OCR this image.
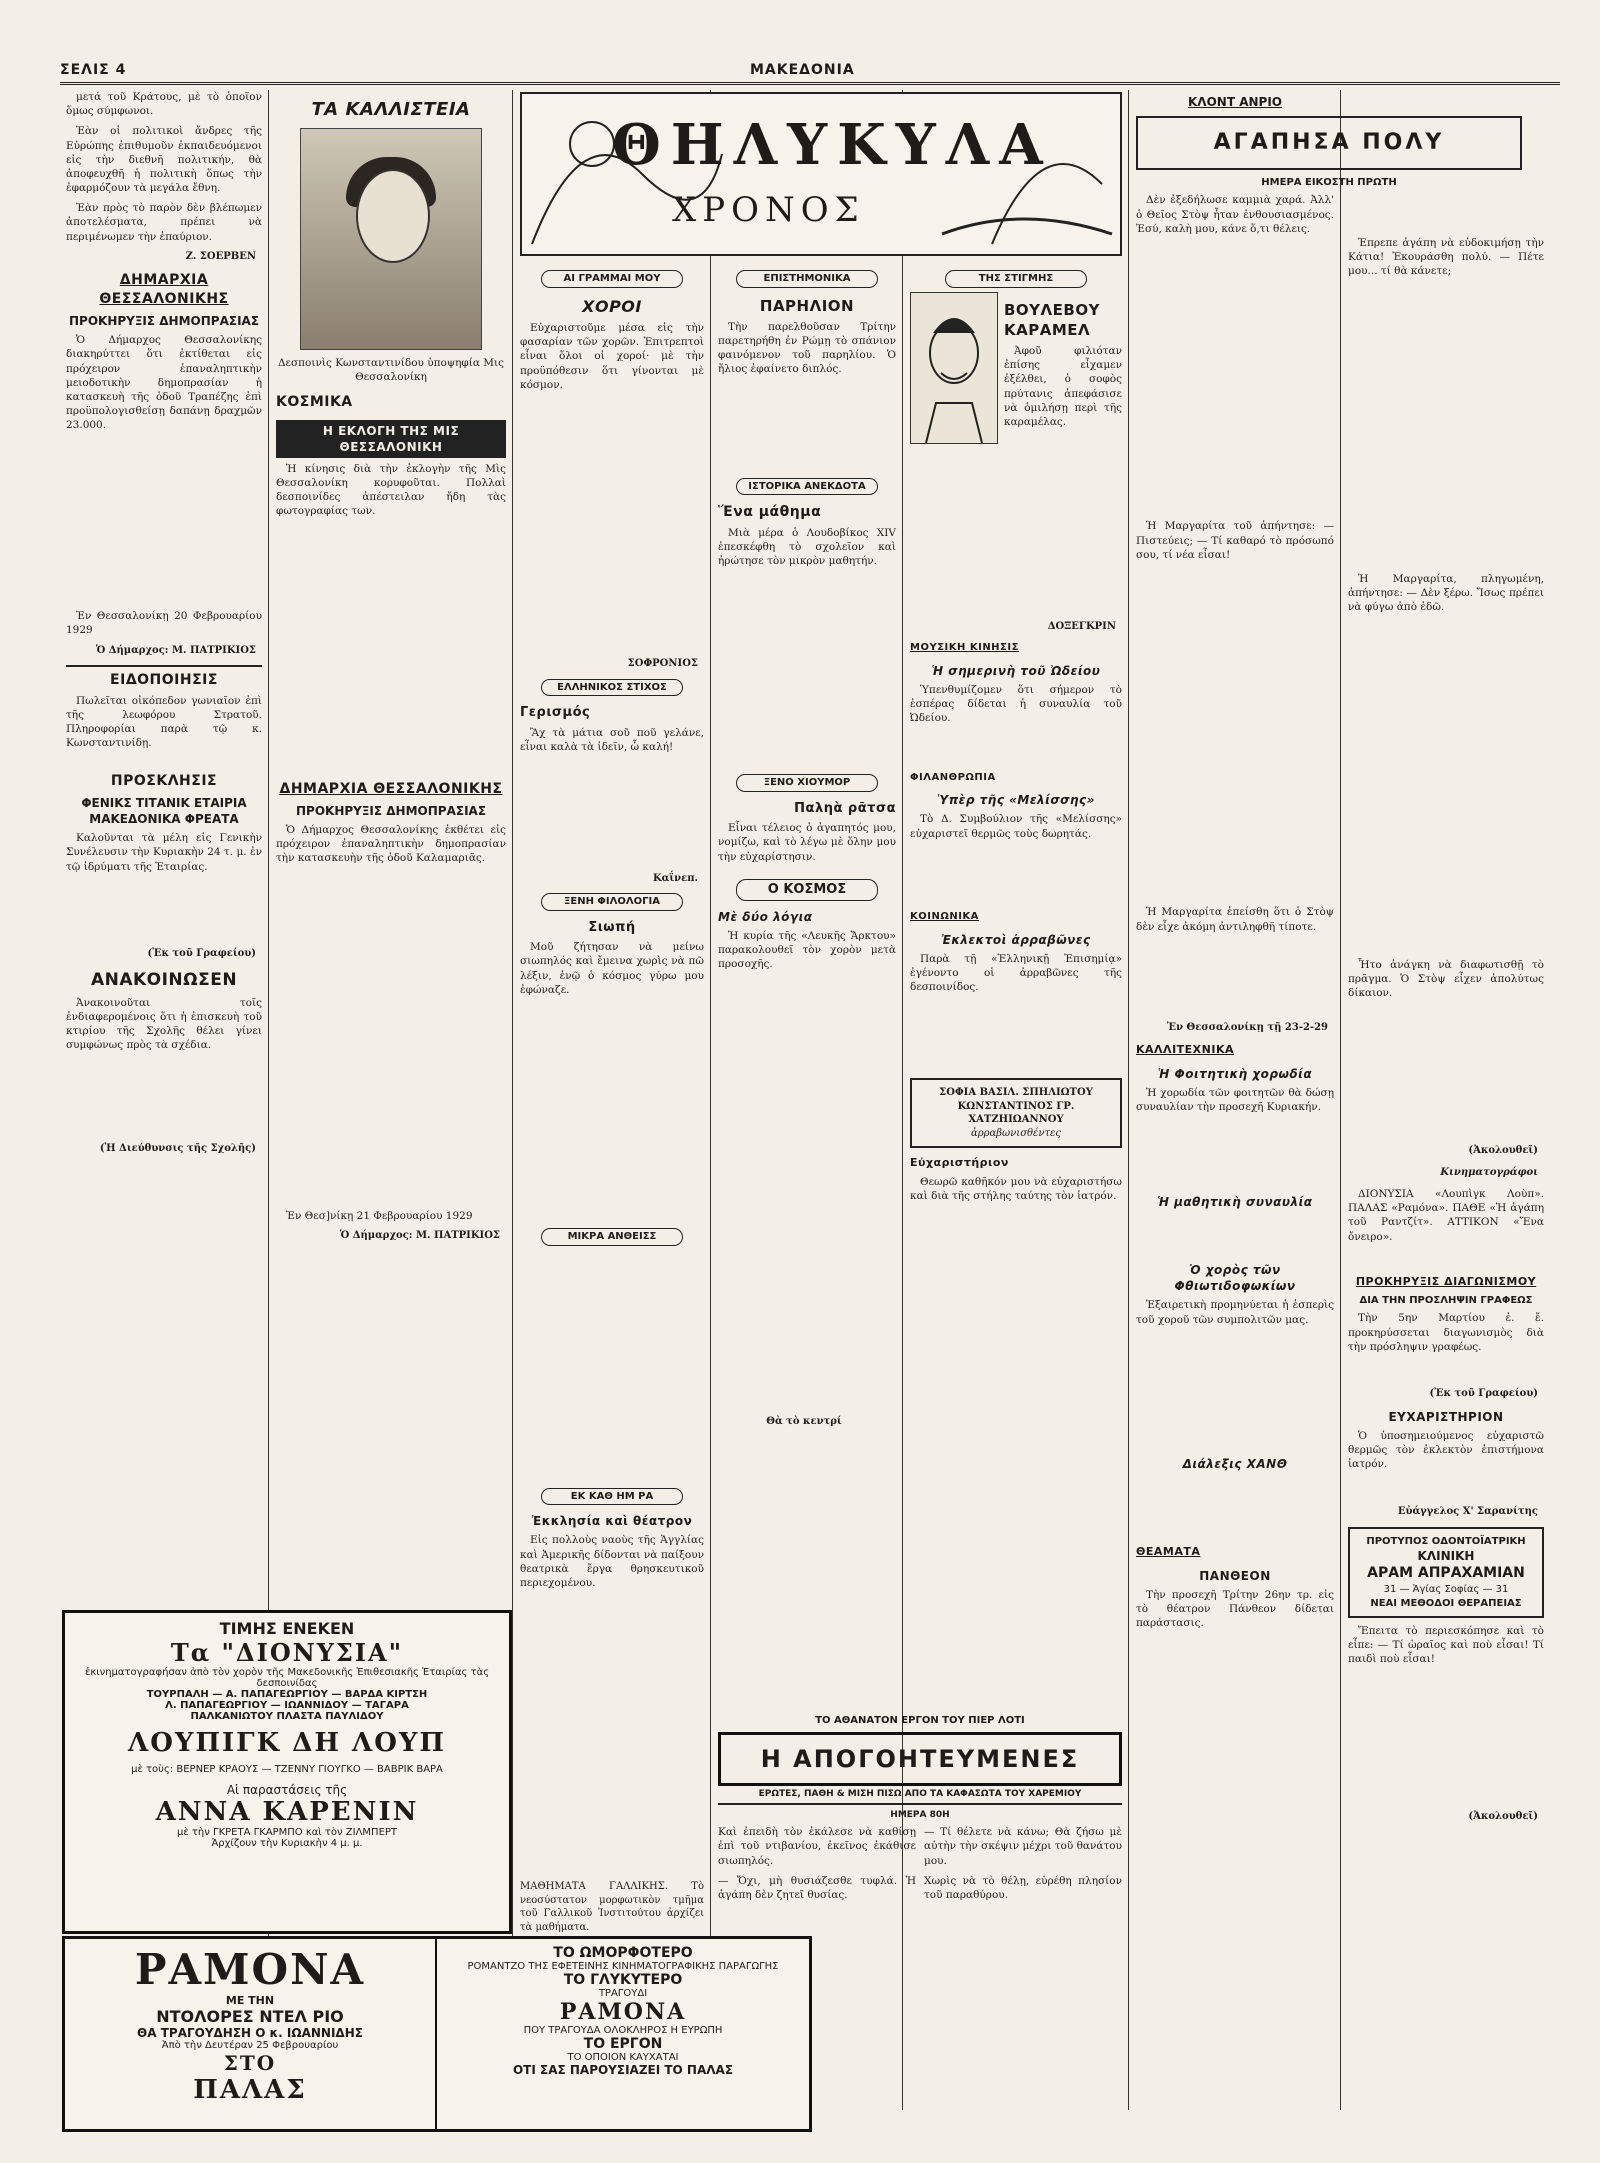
ΣΕΛΙΣ 4	ΜΑΚΕΔΟΝΙΑ

μετά τοῦ Κράτους, μὲ τὸ ὁποῖον ὅμως σύμφωνοι.

Ἐὰν οἱ πολιτικοὶ ἄνδρες τῆς Εὐρώπης ἐπιθυμοῦν ἐκπαιδευόμενοι εἰς τὴν διεθνῆ πολιτικήν, θὰ ἀποφευχθῆ ἡ πολιτικὴ ὅπως τὴν ἐφαρμόζουν τὰ μεγάλα ἔθνη.

Ἐὰν πρὸς τὸ παρὸν δὲν βλέπωμεν ἀποτελέσματα, πρέπει νὰ περιμένωμεν τὴν ἐπαύριον.

Ζ. ΣΟΕΡΒΕΝ
ΔΗΜΑΡΧΙΑ ΘΕΣΣΑΛΟΝΙΚΗΣ
ΠΡΟΚΗΡΥΞΙΣ ΔΗΜΟΠΡΑΣΙΑΣ

Ὁ Δήμαρχος Θεσσαλονίκης διακηρύττει ὅτι ἐκτίθεται εἰς πρόχειρον ἐπαναληπτικὴν μειοδοτικὴν δημοπρασίαν ἡ κατασκευὴ τῆς ὁδοῦ Τραπέζης ἐπὶ προϋπολογισθείσῃ δαπάνῃ δραχμῶν 23.000.

Ἐν Θεσσαλονίκῃ 20 Φεβρουαρίου 1929

Ὁ Δήμαρχος: Μ. ΠΑΤΡΙΚΙΟΣ
ΕΙΔΟΠΟΙΗΣΙΣ

Πωλεῖται οἰκόπεδον γωνιαῖον ἐπὶ τῆς λεωφόρου Στρατοῦ. Πληροφορίαι παρὰ τῷ κ. Κωνσταντινίδῃ.

ΠΡΟΣΚΛΗΣΙΣ
ΦΕΝΙΚΣ ΤΙΤΑΝΙΚ ΕΤΑΙΡΙΑ ΜΑΚΕΔΟΝΙΚΑ ΦΡΕΑΤΑ

Καλοῦνται τὰ μέλη εἰς Γενικὴν Συνέλευσιν τὴν Κυριακὴν 24 τ. μ. ἐν τῷ ἱδρύματι τῆς Ἑταιρίας.

(Ἐκ τοῦ Γραφείου)
ΑΝΑΚΟΙΝΩΣΕΝ

Ἀνακοινοῦται τοῖς ἐνδιαφερομένοις ὅτι ἡ ἐπισκευὴ τοῦ κτιρίου τῆς Σχολῆς θέλει γίνει συμφώνως πρὸς τὰ σχέδια.

(Ἡ Διεύθυνσις τῆς Σχολῆς)
ΤΑ ΚΑΛΛΙΣΤΕΙΑ

Δεσποινὶς Κωνσταντινίδου ὑποψηφία Μις Θεσσαλονίκη

ΚΟΣΜΙΚΑ
Η ΕΚΛΟΓΗ ΤΗΣ ΜΙΣ ΘΕΣΣΑΛΟΝΙΚΗ

Ἡ κίνησις διὰ τὴν ἐκλογὴν τῆς Μὶς Θεσσαλονίκη κορυφοῦται. Πολλαὶ δεσποινίδες ἀπέστειλαν ἤδη τὰς φωτογραφίας των.

ΔΗΜΑΡΧΙΑ ΘΕΣΣΑΛΟΝΙΚΗΣ
ΠΡΟΚΗΡΥΞΙΣ ΔΗΜΟΠΡΑΣΙΑΣ

Ὁ Δήμαρχος Θεσσαλονίκης ἐκθέτει εἰς πρόχειρον ἐπαναληπτικὴν δημοπρασίαν τὴν κατασκευὴν τῆς ὁδοῦ Καλαμαριᾶς.

Ἐν Θεσ]νίκῃ 21 Φεβρουαρίου 1929

Ὁ Δήμαρχος: Μ. ΠΑΤΡΙΚΙΟΣ
ΘΗΛΥΚΥΛΑ
ΧΡΟΝΟΣ
ΑΙ ΓΡΑΜΜΑΙ ΜΟΥ
ΧΟΡΟΙ

Εὐχαριστοῦμε μέσα εἰς τὴν φασαρίαν τῶν χορῶν. Ἐπιτρεπτοὶ εἶναι ὅλοι οἱ χοροί· μὲ τὴν προϋπόθεσιν ὅτι γίνονται μὲ κόσμον.

ΣΟΦΡΟΝΙΟΣ
ΕΛΛΗΝΙΚΟΣ ΣΤΙΧΟΣ
Γερισμός

Ἂχ τὰ μάτια σοῦ ποῦ γελάνε, εἶναι καλὰ τὰ ἰδεῖν, ὦ καλή!

Καΐνεπ.
ΞΕΝΗ ΦΙΛΟΛΟΓΙΑ
Σιωπή

Μοῦ ζήτησαν νὰ μείνω σιωπηλός καὶ ἔμεινα χωρὶς νὰ πῶ λέξιν, ἐνῷ ὁ κόσμος γύρω μου ἐφώναζε.

ΜΙΚΡΑ ΑΝΘΕΙΣΣ
ΕΚ ΚΑΘ ΗΜ ΡΑ
Ἐκκλησία καὶ θέατρον

Εἰς πολλοὺς ναοὺς τῆς Ἁγγλίας καὶ Ἀμερικῆς δίδονται νὰ παίξουν θεατρικὰ ἔργα θρησκευτικοῦ περιεχομένου.

ΕΠΙΣΤΗΜΟΝΙΚΑ
ΠΑΡΗΛΙΟΝ

Τὴν παρελθοῦσαν Τρίτην παρετηρήθη ἐν Ρώμῃ τὸ σπάνιον φαινόμενον τοῦ παρηλίου. Ὁ ἥλιος ἐφαίνετο διπλός.

ΙΣΤΟΡΙΚΑ ΑΝΕΚΔΟΤΑ
Ἕνα μάθημα

Μιὰ μέρα ὁ Λουδοβίκος ΧΙV ἐπεσκέφθη τὸ σχολεῖον καὶ ἠρώτησε τὸν μικρὸν μαθητήν.

ΞΕΝΟ ΧΙΟΥΜΟΡ
Παληὰ ρᾶτσα

Εἶναι τέλειος ὁ ἀγαπητός μου, νομίζω, καὶ τὸ λέγω μὲ ὅλην μου τὴν εὐχαρίστησιν.

Ο ΚΟΣΜΟΣ
Μὲ δύο λόγια

Ἡ κυρία τῆς «Λευκῆς Ἄρκτου» παρακολουθεῖ τὸν χορὸν μετὰ προσοχῆς.

Θὰ τὸ κεντρί
ΤΗΣ ΣΤΙΓΜΗΣ
ΒΟΥΛΕΒΟΥ ΚΑΡΑΜΕΛ

Ἀφοῦ φιλιόταν ἐπίσης εἶχαμεν ἐξέλθει, ὁ σοφὸς πρύτανις ἀπεφάσισε νὰ ὁμιλήσῃ περὶ τῆς καραμέλας.

ΔΟΞΕΓΚΡΙΝ
ΜΟΥΣΙΚΗ ΚΙΝΗΣΙΣ
Ἡ σημερινὴ τοῦ Ὠδείου

Ὑπενθυμίζομεν ὅτι σήμερον τὸ ἑσπέρας δίδεται ἡ συναυλία τοῦ Ὠδείου.

ΦΙΛΑΝΘΡΩΠΙΑ
Ὑπὲρ τῆς «Μελίσσης»

Τὸ Δ. Συμβούλιον τῆς «Μελίσσης» εὐχαριστεῖ θερμῶς τοὺς δωρητάς.

ΚΟΙΝΩΝΙΚΑ
Ἐκλεκτοὶ ἀρραβῶνες

Παρὰ τῇ «Ἑλληνικῇ Ἐπισημίᾳ» ἐγένοντο οἱ ἀρραβῶνες τῆς δεσποινίδος.

ΣΟΦΙΑ ΒΑΣΙΛ. ΣΠΗΛΙΩΤΟΥ
ΚΩΝΣΤΑΝΤΙΝΟΣ ΓΡ. ΧΑΤΖΗΙΩΑΝΝΟΥ
ἀρραβωνισθέντες
Εὐχαριστήριον

Θεωρῶ καθῆκόν μου νὰ εὐχαριστήσω καὶ διὰ τῆς στήλης ταύτης τὸν ἰατρόν.

ΚΛΟΝΤ ΑΝΡΙΟ
ΑΓΑΠΗΣΑ ΠΟΛΥ
ΗΜΕΡΑ ΕΙΚΟΣΤΗ ΠΡΩΤΗ

Δὲν ἐξεδήλωσε καμμιὰ χαρά. Ἀλλ' ὁ Θεῖος Στὸψ ἦταν ἐνθουσιασμένος. Ἐσύ, καλὴ μου, κάνε ὅ,τι θέλεις.

Ἡ Μαργαρίτα τοῦ ἀπήντησε: — Πιστεύεις; — Τί καθαρό τὸ πρόσωπό σου, τί νέα εἶσαι!

Ἡ Μαργαρίτα ἐπείσθη ὅτι ὁ Στὸψ δὲν εἶχε ἀκόμη ἀντιληφθῆ τίποτε.

Ἐν Θεσσαλονίκῃ τῇ 23-2-29
ΚΑΛΛΙΤΕΧΝΙΚΑ
Ἡ Φοιτητικὴ χορωδία

Ἡ χορωδία τῶν φοιτητῶν θὰ δώσῃ συναυλίαν τὴν προσεχῆ Κυριακήν.

Ἡ μαθητικὴ συναυλία

Ὁ χορὸς τῶν Φθιωτιδοφωκίων

Ἐξαιρετικὴ προμηνύεται ἡ ἑσπερὶς τοῦ χοροῦ τῶν συμπολιτῶν μας.

Διάλεξις ΧΑΝΘ

ΘΕΑΜΑΤΑ
ΠΑΝΘΕΟΝ

Τὴν προσεχῆ Τρίτην 26ην τρ. εἰς τὸ θέατρον Πάνθεον δίδεται παράστασις.

Ἐπρεπε ἀγάπη νὰ εὐδοκιμήσῃ τὴν Κάτια! Ἐκουράσθη πολύ. — Πέτε μου... τί θὰ κάνετε;

Ἡ Μαργαρίτα, πληγωμένη, ἀπήντησε: — Δὲν ξέρω. Ἴσως πρέπει νὰ φύγω ἀπὸ ἐδῶ.

Ἦτο ἀνάγκη νὰ διαφωτισθῇ τὸ πρᾶγμα. Ὁ Στὸψ εἶχεν ἀπολύτως δίκαιον.

(Ἀκολουθεῖ)
Κινηματογράφοι

ΔΙΟΝΥΣΙΑ «Λουπὶγκ Λοὺπ». ΠΑΛΑΣ «Ραμόνα». ΠΑΘΕ «Ἡ ἀγάπη τοῦ Ραντζίτ». ΑΤΤΙΚΟΝ «Ἕνα ὄνειρο».

ΠΡΟΚΗΡΥΞΙΣ ΔΙΑΓΩΝΙΣΜΟΥ
ΔΙΑ ΤΗΝ ΠΡΟΣΛΗΨΙΝ ΓΡΑΦΕΩΣ

Τὴν 5ην Μαρτίου ἐ. ἔ. προκηρύσσεται διαγωνισμὸς διὰ τὴν πρόσληψιν γραφέως.

(Ἐκ τοῦ Γραφείου)
ΕΥΧΑΡΙΣΤΗΡΙΟΝ

Ὁ ὑποσημειούμενος εὐχαριστῶ θερμῶς τὸν ἐκλεκτὸν ἐπιστήμονα ἰατρόν.

Εὐάγγελος Χ' Σαρανίτης
ΠΡΟΤΥΠΟΣ ΟΔΟΝΤΟΪΑΤΡΙΚΗ
ΚΛΙΝΙΚΗ
ΑΡΑΜ ΑΠΡΑΧΑΜΙΑΝ
31 — Ἁγίας Σοφίας — 31
ΝΕΑΙ ΜΕΘΟΔΟΙ ΘΕΡΑΠΕΙΑΣ

Ἔπειτα τὸ περιεσκόπησε καὶ τὸ εἶπε: — Τί ὡραῖος καὶ ποὺ εἶσαι! Τί παιδὶ ποὺ εἶσαι!

(Ἀκολουθεῖ)
ΤΙΜΗΣ ΕΝΕΚΕΝ
Τα "ΔΙΟΝΥΣΙΑ"
ἐκινηματογραφήσαν ἀπὸ τὸν χορὸν τῆς Μακεδονικῆς Ἐπιθεσιακῆς Ἑταιρίας τὰς δεσποινίδας
ΤΟΥΡΠΑΛΗ — Α. ΠΑΠΑΓΕΩΡΓΙΟΥ — ΒΑΡΔΑ ΚΙΡΤΣΗ
Λ. ΠΑΠΑΓΕΩΡΓΙΟΥ — ΙΩΑΝΝΙΔΟΥ — ΤΑΓΑΡΑ
ΠΑΛΚΑΝΙΩΤΟΥ ΠΛΑΣΤΑ ΠΑΥΛΙΔΟΥ
ΛΟΥΠΙΓΚ ΔΗ ΛΟΥΠ
μὲ τοὺς: ΒΕΡΝΕΡ ΚΡΑΟΥΣ — ΤΖΕΝΝΥ ΓΙΟΥΓΚΟ — ΒΑΒΡΙΚ ΒΑΡΑ
Αἱ παραστάσεις τῆς
ΑΝΝΑ ΚΑΡΕΝΙΝ
μὲ τὴν ΓΚΡΕΤΑ ΓΚΑΡΜΠΟ καὶ τὸν ΖΙΛΜΠΕΡΤ
Ἀρχίζουν τὴν Κυριακὴν 4 μ. μ.
ΡΑΜΟΝΑ
ΜΕ ΤΗΝ
ΝΤΟΛΟΡΕΣ ΝΤΕΛ ΡΙΟ
ΘΑ ΤΡΑΓΟΥΔΗΣΗ Ο κ. ΙΩΑΝΝΙΔΗΣ
Ἀπὸ τὴν Δευτέραν 25 Φεβρουαρίου
ΣΤΟ
ΠΑΛΑΣ
ΤΟ ΩΜΟΡΦΟΤΕΡΟ
ΡΟΜΑΝΤΖΟ ΤΗΣ ΕΦΕΤΕΙΝΗΣ ΚΙΝΗΜΑΤΟΓΡΑΦΙΚΗΣ ΠΑΡΑΓΩΓΗΣ
ΤΟ ΓΛΥΚΥΤΕΡΟ
ΤΡΑΓΟΥΔΙ
ΡΑΜΟΝΑ
ΠΟΥ ΤΡΑΓΟΥΔΑ ΟΛΟΚΛΗΡΟΣ Η ΕΥΡΩΠΗ
ΤΟ ΕΡΓΟΝ
ΤΟ ΟΠΟΙΟΝ ΚΑΥΧΑΤΑΙ
ΟΤΙ ΣΑΣ ΠΑΡΟΥΣΙΑΖΕΙ ΤΟ ΠΑΛΑΣ
ΤΟ ΑΘΑΝΑΤΟΝ ΕΡΓΟΝ ΤΟΥ ΠΙΕΡ ΛΟΤΙ
Η ΑΠΟΓΟΗΤΕΥΜΕΝΕΣ
ΕΡΩΤΕΣ, ΠΑΘΗ & ΜΙΣΗ ΠΙΣΩ ΑΠΟ ΤΑ ΚΑΦΑΣΩΤΑ ΤΟΥ ΧΑΡΕΜΙΟΥ
ΗΜΕΡΑ 80Η

Καὶ ἐπειδὴ τὸν ἐκάλεσε νὰ καθίσῃ ἐπὶ τοῦ ντιβανίου, ἐκεῖνος ἐκάθισε σιωπηλός.

— Ὄχι, μὴ θυσιάζεσθε τυφλά. Ἡ ἀγάπη δὲν ζητεῖ θυσίας.

— Τί θέλετε νὰ κάνω; Θὰ ζήσω μὲ αὐτὴν τὴν σκέψιν μέχρι τοῦ θανάτου μου.

Χωρὶς νὰ τὸ θέλῃ, εὑρέθη πλησίον τοῦ παραθύρου.

ΜΑΘΗΜΑΤΑ ΓΑΛΛΙΚΗΣ. Τὸ νεοσύστατον μορφωτικὸν τμῆμα τοῦ Γαλλικοῦ Ἰνστιτούτου ἀρχίζει τὰ μαθήματα.
